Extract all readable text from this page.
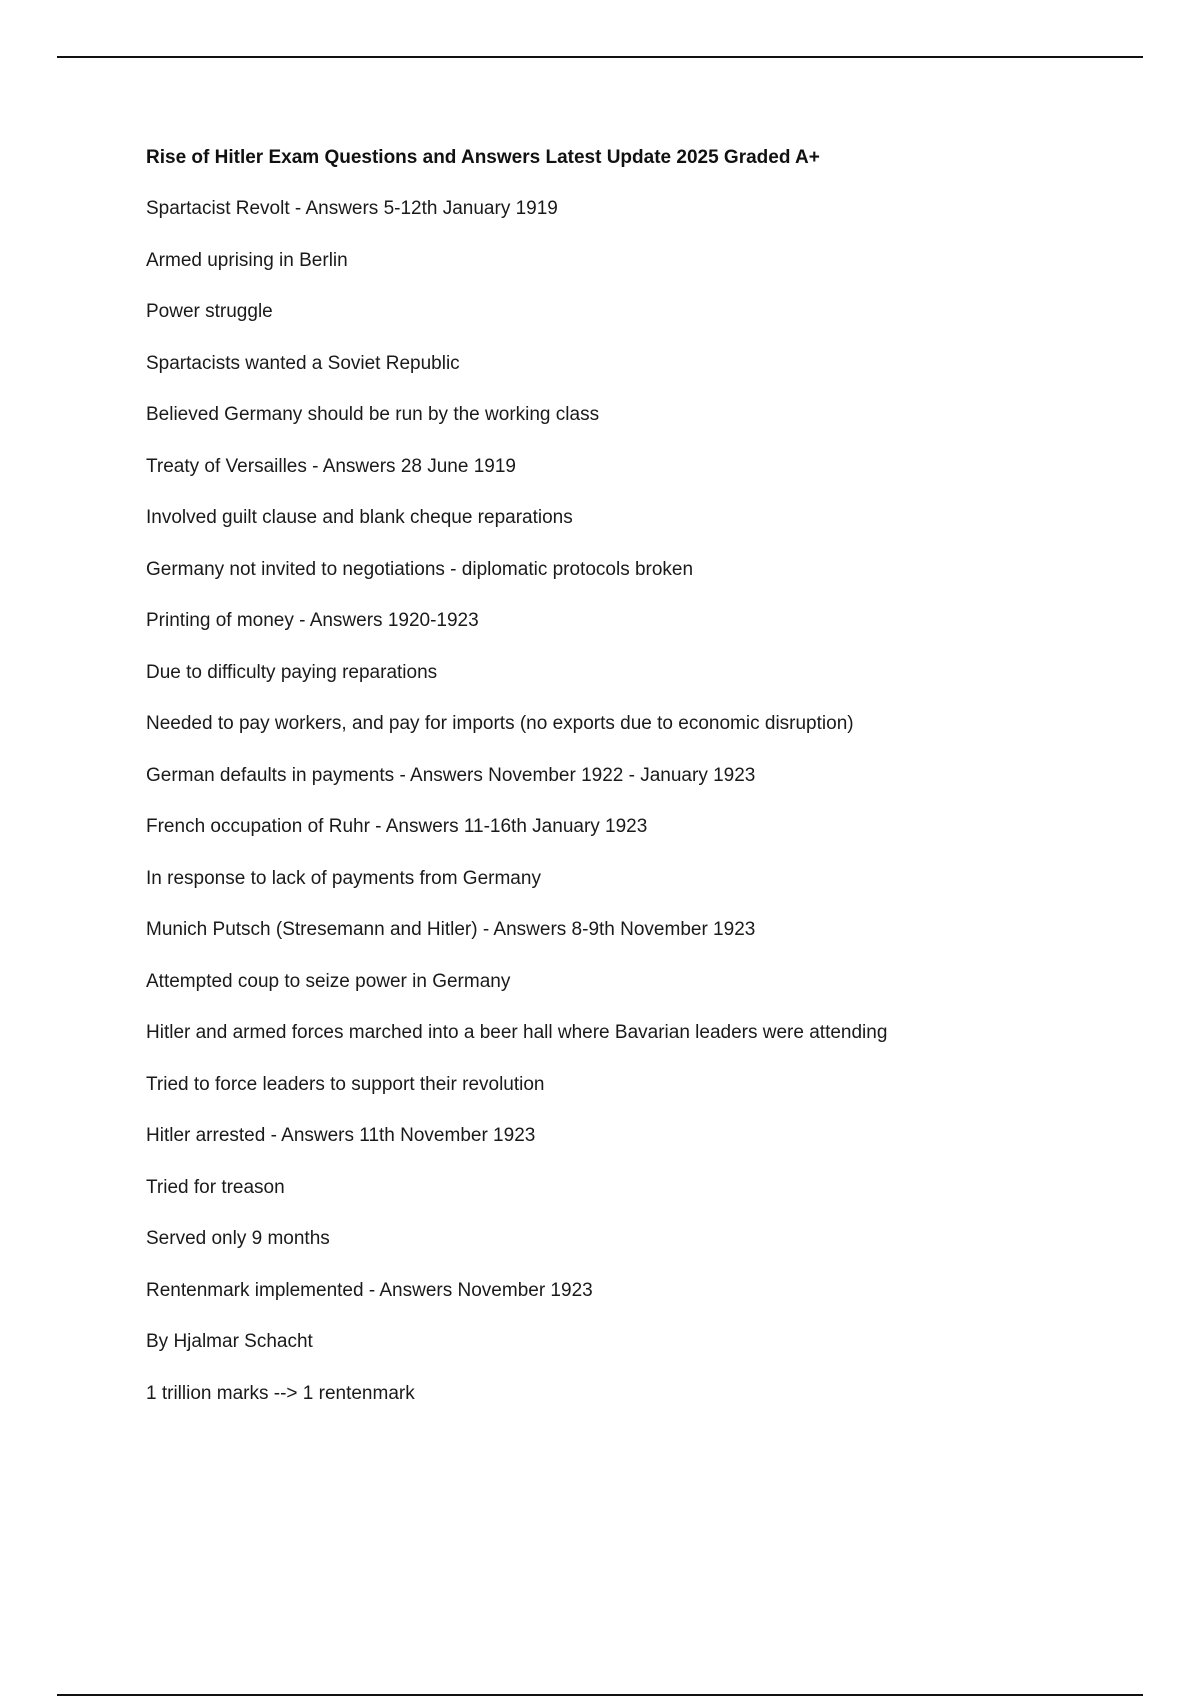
Rise of Hitler Exam Questions and Answers Latest Update 2025 Graded A+
Spartacist Revolt - Answers 5-12th January 1919
Armed uprising in Berlin
Power struggle
Spartacists wanted a Soviet Republic
Believed Germany should be run by the working class
Treaty of Versailles - Answers 28 June 1919
Involved guilt clause and blank cheque reparations
Germany not invited to negotiations - diplomatic protocols broken
Printing of money - Answers 1920-1923
Due to difficulty paying reparations
Needed to pay workers, and pay for imports (no exports due to economic disruption)
German defaults in payments - Answers November 1922 - January 1923
French occupation of Ruhr - Answers 11-16th January 1923
In response to lack of payments from Germany
Munich Putsch (Stresemann and Hitler) - Answers 8-9th November 1923
Attempted coup to seize power in Germany
Hitler and armed forces marched into a beer hall where Bavarian leaders were attending
Tried to force leaders to support their revolution
Hitler arrested - Answers 11th November 1923
Tried for treason
Served only 9 months
Rentenmark implemented - Answers November 1923
By Hjalmar Schacht
1 trillion marks --> 1 rentenmark
